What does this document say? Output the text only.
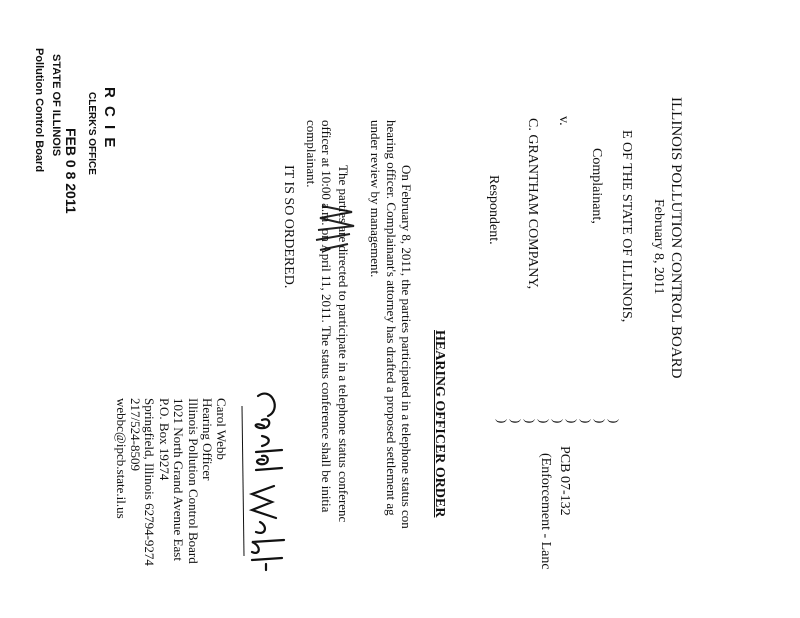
R C I E
CLERK'S OFFICE
FEB 0 8 2011
STATE OF ILLINOIS
Pollution Control Board	ILLINOIS POLLUTION CONTROL BOARD
February 8, 2011
E OF THE STATE OF ILLINOIS,
Complainant,
v.
C. GRANTHAM COMPANY,
Respondent.
)
)
)
)
)
)
)
)
)
PCB 07-132
(Enforcement - Lanc
HEARING OFFICER ORDER
On February 8, 2011, the parties participated in a telephone status con
hearing officer. Complainant's attorney has drafted a proposed settlement ag
under review by management.
The parties are directed to participate in a telephone status conferenc
officer at 10:00 a.m. on April 11, 2011. The status conference shall be initia
complainant.
IT IS SO ORDERED.
Carol Webb
Hearing Officer
Illinois Pollution Control Board
1021 North Grand Avenue East
P.O. Box 19274
Springfield, Illinois 62794-9274
217/524-8509
webbc@ipcb.state.il.us
